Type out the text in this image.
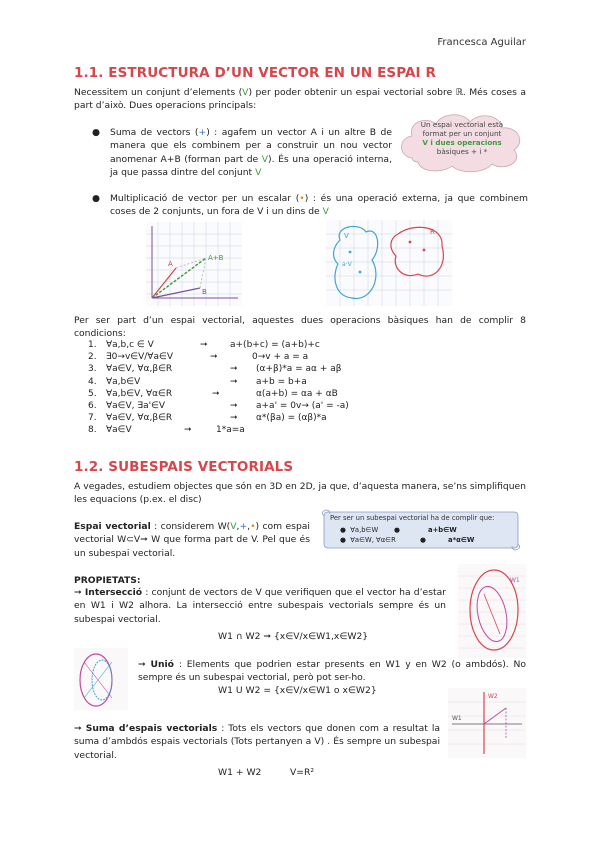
Francesca Aguilar
1.1. ESTRUCTURA D’UN VECTOR EN UN ESPAI R
Necessitem un conjunt d’elements (V) per poder obtenir un espai vectorial sobre ℝ. Més coses a part d’això. Dues operacions principals:
● Suma de vectors (+) : agafem un vector A i un altre B de manera que els combinem per a construir un nou vector anomenar A+B (forman part de V). És una operació interna, ja que passa dintre del conjunt V
Un espai vectorial està
format per un conjunt
V i dues operacions
bàsiques + i *
● Multiplicació de vector per un escalar (•) : és una operació externa, ja que combinem coses de 2 conjunts, un fora de V i un dins de V
A
A+B
B
V	R
a·V
Per ser part d’un espai vectorial, aquestes dues operacions bàsiques han de complir 8 condicions:
1. ∀a,b,c ∈ V	➞ a+(b+c) = (a+b)+c
2. ∃0→v∈V/∀a∈V	➞	0→v + a = a
3. ∀a∈V, ∀α,β∈R	➞ (α+β)*a = aα + aβ
4. ∀a,b∈V	➞ a+b = b+a
5. ∀a,b∈V, ∀α∈R	➞	α(a+b) = αa + αB
6. ∀a∈V, ∃a'∈V	➞ a+a' = 0v→ (a' = -a)
7. ∀a∈V, ∀α,β∈R	➞ α*(βa) = (αβ)*a
8. ∀a∈V	➞	1*a=a
1.2. SUBESPAIS VECTORIALS
A vegades, estudiem objectes que són en 3D en 2D, ja que, d’aquesta manera, se’ns simplifiquen les equacions (p.ex. el disc)
Espai vectorial : considerem W(V,+,•) com espai vectorial W⊂V➞ W que forma part de V. Pel que és un subespai vectorial.
Per ser un subespai vectorial ha de complir que:
● ∀a,b∈W ●	a+b∈W
● ∀a∈W, ∀α∈R	●	a*α∈W
PROPIETATS:
➞ Intersecció : conjunt de vectors de V que verifiquen que el vector ha d’estar en W1 i W2 alhora. La intersecció entre subespais vectorials sempre és un subespai vectorial.
W1 ∩ W2 ➞ {x∈V/x∈W1,x∈W2}
W1
➞ Unió : Elements que podrien estar presents en W1 y en W2 (o ambdós). No sempre és un subespai vectorial, però pot ser-ho.
W1 U W2 = {x∈V/x∈W1 o x∈W2}
W1
W2
➞ Suma d’espais vectorials : Tots els vectors que donen com a resultat la suma d’ambdós espais vectorials (Tots pertanyen a V) . És sempre un subespai vectorial.
W1 + W2	V=R²
